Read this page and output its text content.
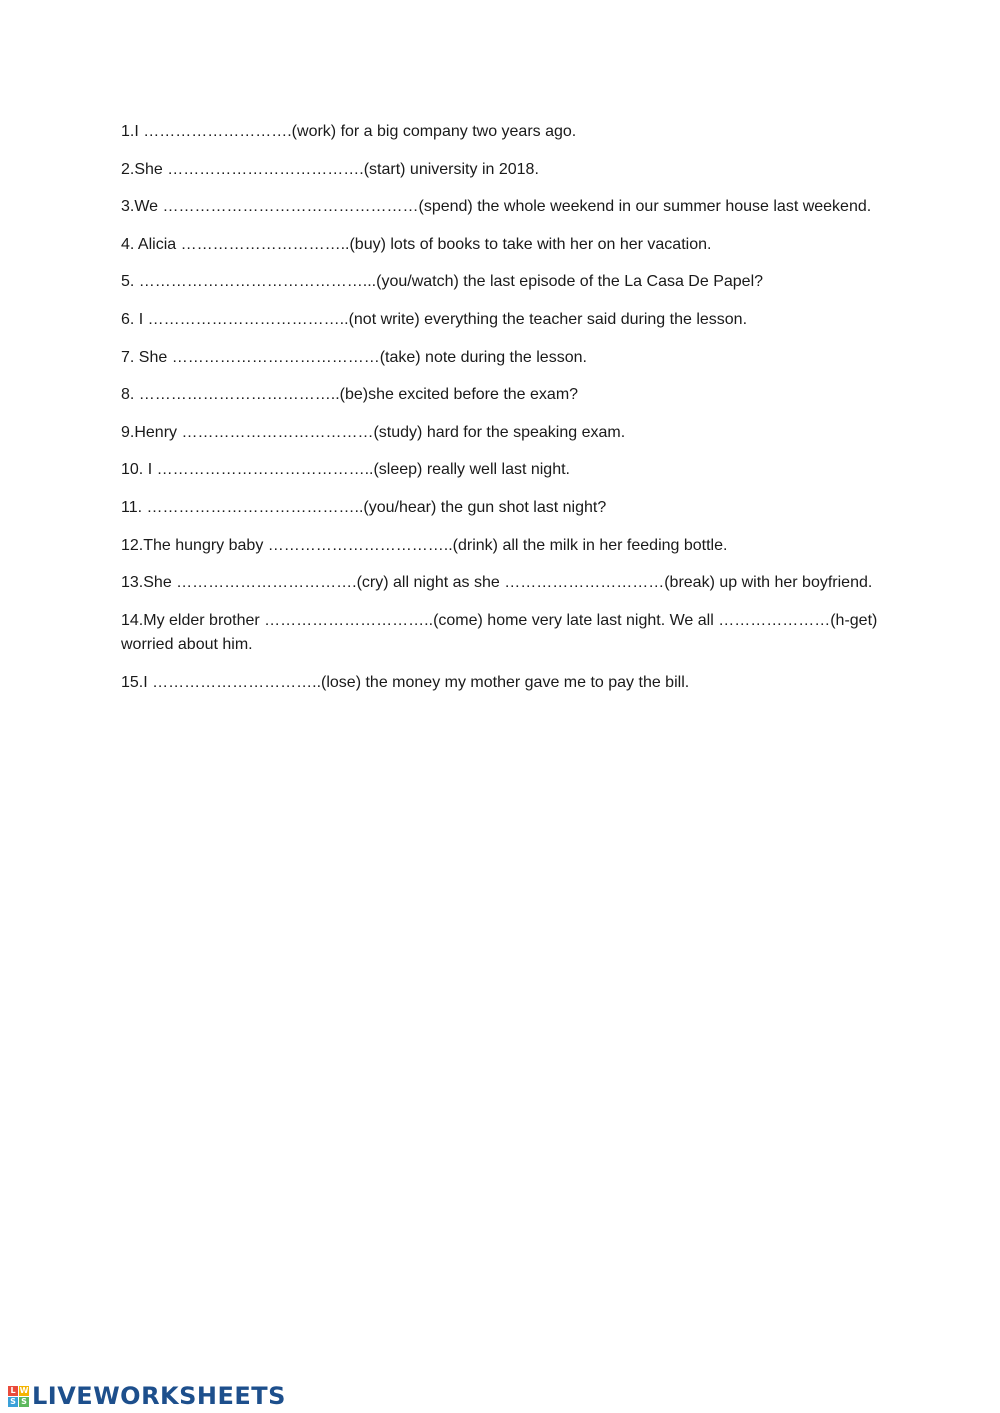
1.I ……………………….(work) for a big company two years ago.
2.She ……………………………….(start) university in 2018.
3.We …………………………………………(spend) the whole weekend in our summer house last weekend.
4. Alicia …………………………..(buy) lots of books to take with her on her vacation.
5. ……………………………………...(you/watch) the last episode of the La Casa De Papel?
6. I ………………………………..(not write) everything the teacher said during the lesson.
7. She …………………………………(take) note during the lesson.
8. ………………………………..(be)she excited before the exam?
9.Henry ………………………………(study) hard for the speaking exam.
10. I …………………………………..(sleep) really well last night.
11. …………………………………..(you/hear) the gun shot last night?
12.The hungry baby ……………………………..(drink) all the milk in her feeding bottle.
13.She …………………………….(cry) all night as she …………………………(break) up with her boyfriend.
14.My elder brother …………………………..(come) home very late last night. We all …………………(h-get) worried about him.
15.I …………………………..(lose) the money my mother gave me to pay the bill.
L W
S S LIVEWORKSHEETS
